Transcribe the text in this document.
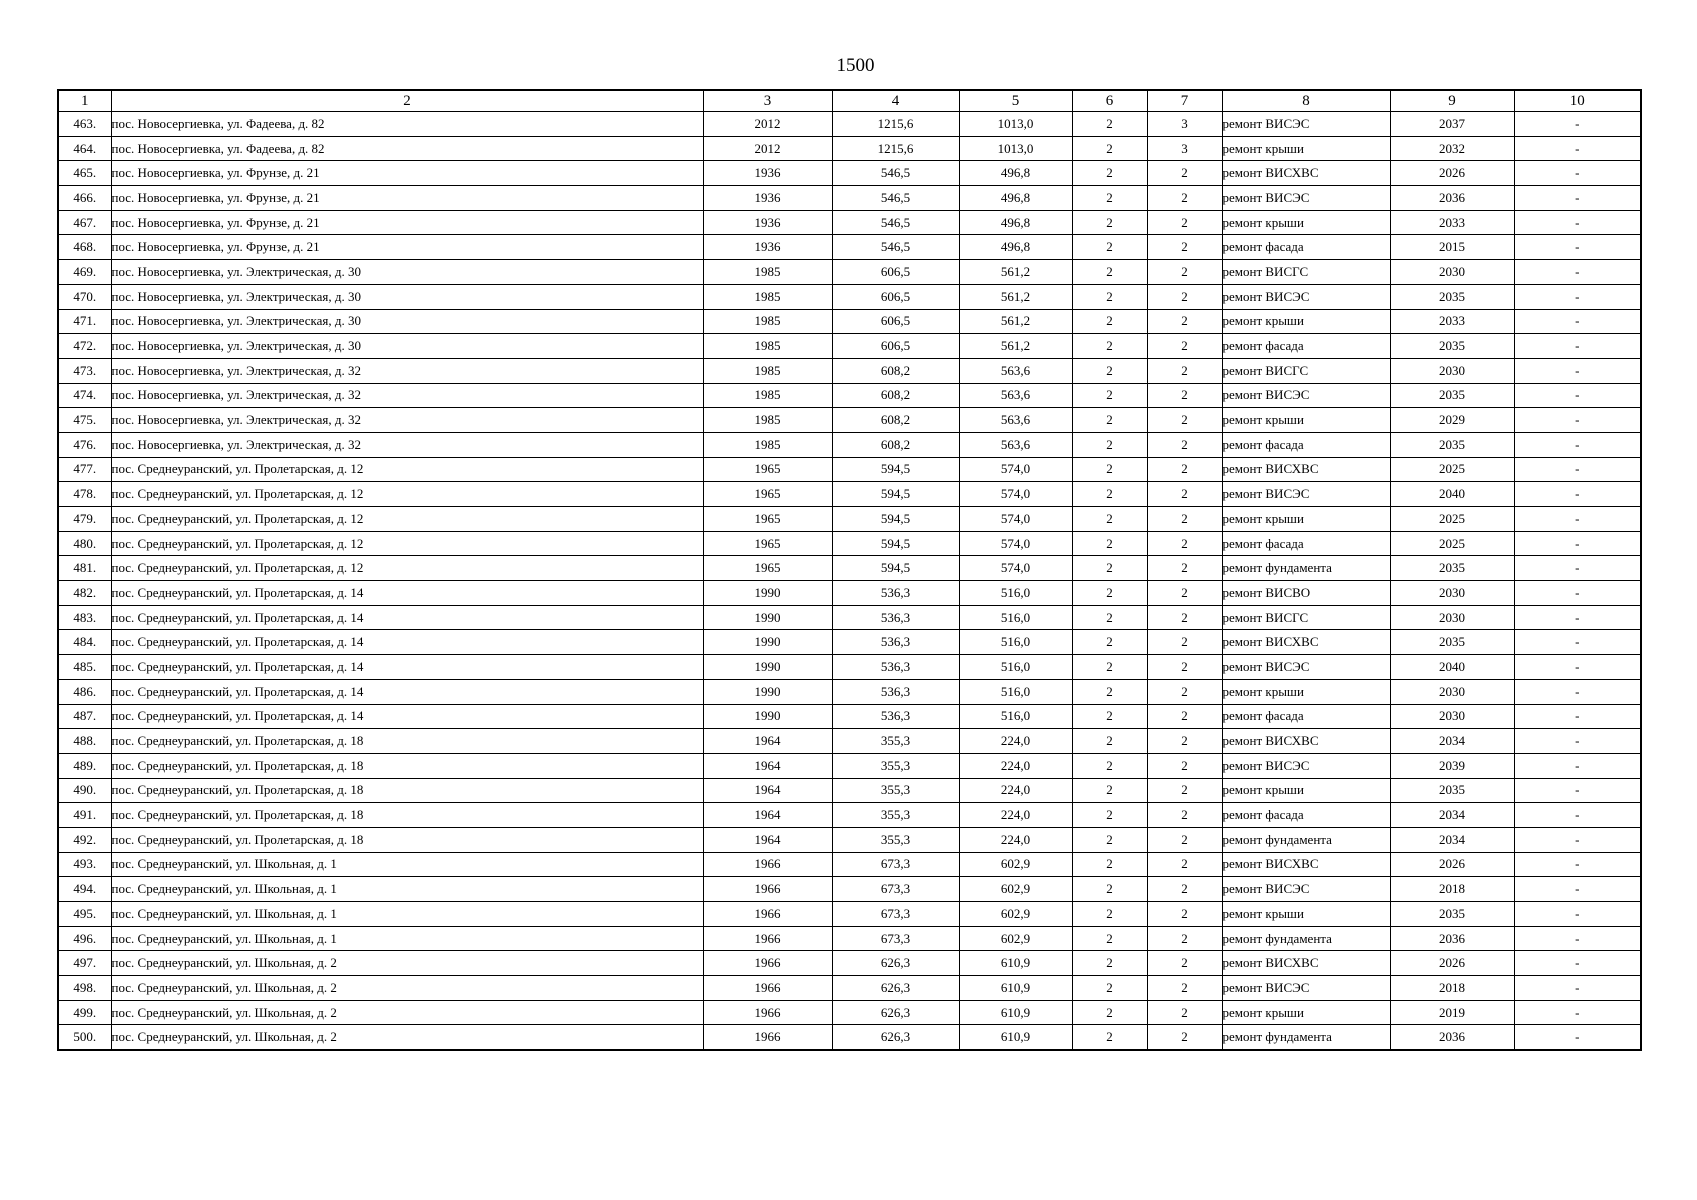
1500
1	2	3	4	5	6	7	8	9	10
463.	пос. Новосергиевка, ул. Фадеева, д. 82	2012	1215,6	1013,0	2	3	ремонт ВИСЭС	2037	-
464.	пос. Новосергиевка, ул. Фадеева, д. 82	2012	1215,6	1013,0	2	3	ремонт крыши	2032	-
465.	пос. Новосергиевка, ул. Фрунзе, д. 21	1936	546,5	496,8	2	2	ремонт ВИСХВС	2026	-
466.	пос. Новосергиевка, ул. Фрунзе, д. 21	1936	546,5	496,8	2	2	ремонт ВИСЭС	2036	-
467.	пос. Новосергиевка, ул. Фрунзе, д. 21	1936	546,5	496,8	2	2	ремонт крыши	2033	-
468.	пос. Новосергиевка, ул. Фрунзе, д. 21	1936	546,5	496,8	2	2	ремонт фасада	2015	-
469.	пос. Новосергиевка, ул. Электрическая, д. 30	1985	606,5	561,2	2	2	ремонт ВИСГС	2030	-
470.	пос. Новосергиевка, ул. Электрическая, д. 30	1985	606,5	561,2	2	2	ремонт ВИСЭС	2035	-
471.	пос. Новосергиевка, ул. Электрическая, д. 30	1985	606,5	561,2	2	2	ремонт крыши	2033	-
472.	пос. Новосергиевка, ул. Электрическая, д. 30	1985	606,5	561,2	2	2	ремонт фасада	2035	-
473.	пос. Новосергиевка, ул. Электрическая, д. 32	1985	608,2	563,6	2	2	ремонт ВИСГС	2030	-
474.	пос. Новосергиевка, ул. Электрическая, д. 32	1985	608,2	563,6	2	2	ремонт ВИСЭС	2035	-
475.	пос. Новосергиевка, ул. Электрическая, д. 32	1985	608,2	563,6	2	2	ремонт крыши	2029	-
476.	пос. Новосергиевка, ул. Электрическая, д. 32	1985	608,2	563,6	2	2	ремонт фасада	2035	-
477.	пос. Среднеуранский, ул. Пролетарская, д. 12	1965	594,5	574,0	2	2	ремонт ВИСХВС	2025	-
478.	пос. Среднеуранский, ул. Пролетарская, д. 12	1965	594,5	574,0	2	2	ремонт ВИСЭС	2040	-
479.	пос. Среднеуранский, ул. Пролетарская, д. 12	1965	594,5	574,0	2	2	ремонт крыши	2025	-
480.	пос. Среднеуранский, ул. Пролетарская, д. 12	1965	594,5	574,0	2	2	ремонт фасада	2025	-
481.	пос. Среднеуранский, ул. Пролетарская, д. 12	1965	594,5	574,0	2	2	ремонт фундамента	2035	-
482.	пос. Среднеуранский, ул. Пролетарская, д. 14	1990	536,3	516,0	2	2	ремонт ВИСВО	2030	-
483.	пос. Среднеуранский, ул. Пролетарская, д. 14	1990	536,3	516,0	2	2	ремонт ВИСГС	2030	-
484.	пос. Среднеуранский, ул. Пролетарская, д. 14	1990	536,3	516,0	2	2	ремонт ВИСХВС	2035	-
485.	пос. Среднеуранский, ул. Пролетарская, д. 14	1990	536,3	516,0	2	2	ремонт ВИСЭС	2040	-
486.	пос. Среднеуранский, ул. Пролетарская, д. 14	1990	536,3	516,0	2	2	ремонт крыши	2030	-
487.	пос. Среднеуранский, ул. Пролетарская, д. 14	1990	536,3	516,0	2	2	ремонт фасада	2030	-
488.	пос. Среднеуранский, ул. Пролетарская, д. 18	1964	355,3	224,0	2	2	ремонт ВИСХВС	2034	-
489.	пос. Среднеуранский, ул. Пролетарская, д. 18	1964	355,3	224,0	2	2	ремонт ВИСЭС	2039	-
490.	пос. Среднеуранский, ул. Пролетарская, д. 18	1964	355,3	224,0	2	2	ремонт крыши	2035	-
491.	пос. Среднеуранский, ул. Пролетарская, д. 18	1964	355,3	224,0	2	2	ремонт фасада	2034	-
492.	пос. Среднеуранский, ул. Пролетарская, д. 18	1964	355,3	224,0	2	2	ремонт фундамента	2034	-
493.	пос. Среднеуранский, ул. Школьная, д. 1	1966	673,3	602,9	2	2	ремонт ВИСХВС	2026	-
494.	пос. Среднеуранский, ул. Школьная, д. 1	1966	673,3	602,9	2	2	ремонт ВИСЭС	2018	-
495.	пос. Среднеуранский, ул. Школьная, д. 1	1966	673,3	602,9	2	2	ремонт крыши	2035	-
496.	пос. Среднеуранский, ул. Школьная, д. 1	1966	673,3	602,9	2	2	ремонт фундамента	2036	-
497.	пос. Среднеуранский, ул. Школьная, д. 2	1966	626,3	610,9	2	2	ремонт ВИСХВС	2026	-
498.	пос. Среднеуранский, ул. Школьная, д. 2	1966	626,3	610,9	2	2	ремонт ВИСЭС	2018	-
499.	пос. Среднеуранский, ул. Школьная, д. 2	1966	626,3	610,9	2	2	ремонт крыши	2019	-
500.	пос. Среднеуранский, ул. Школьная, д. 2	1966	626,3	610,9	2	2	ремонт фундамента	2036	-
